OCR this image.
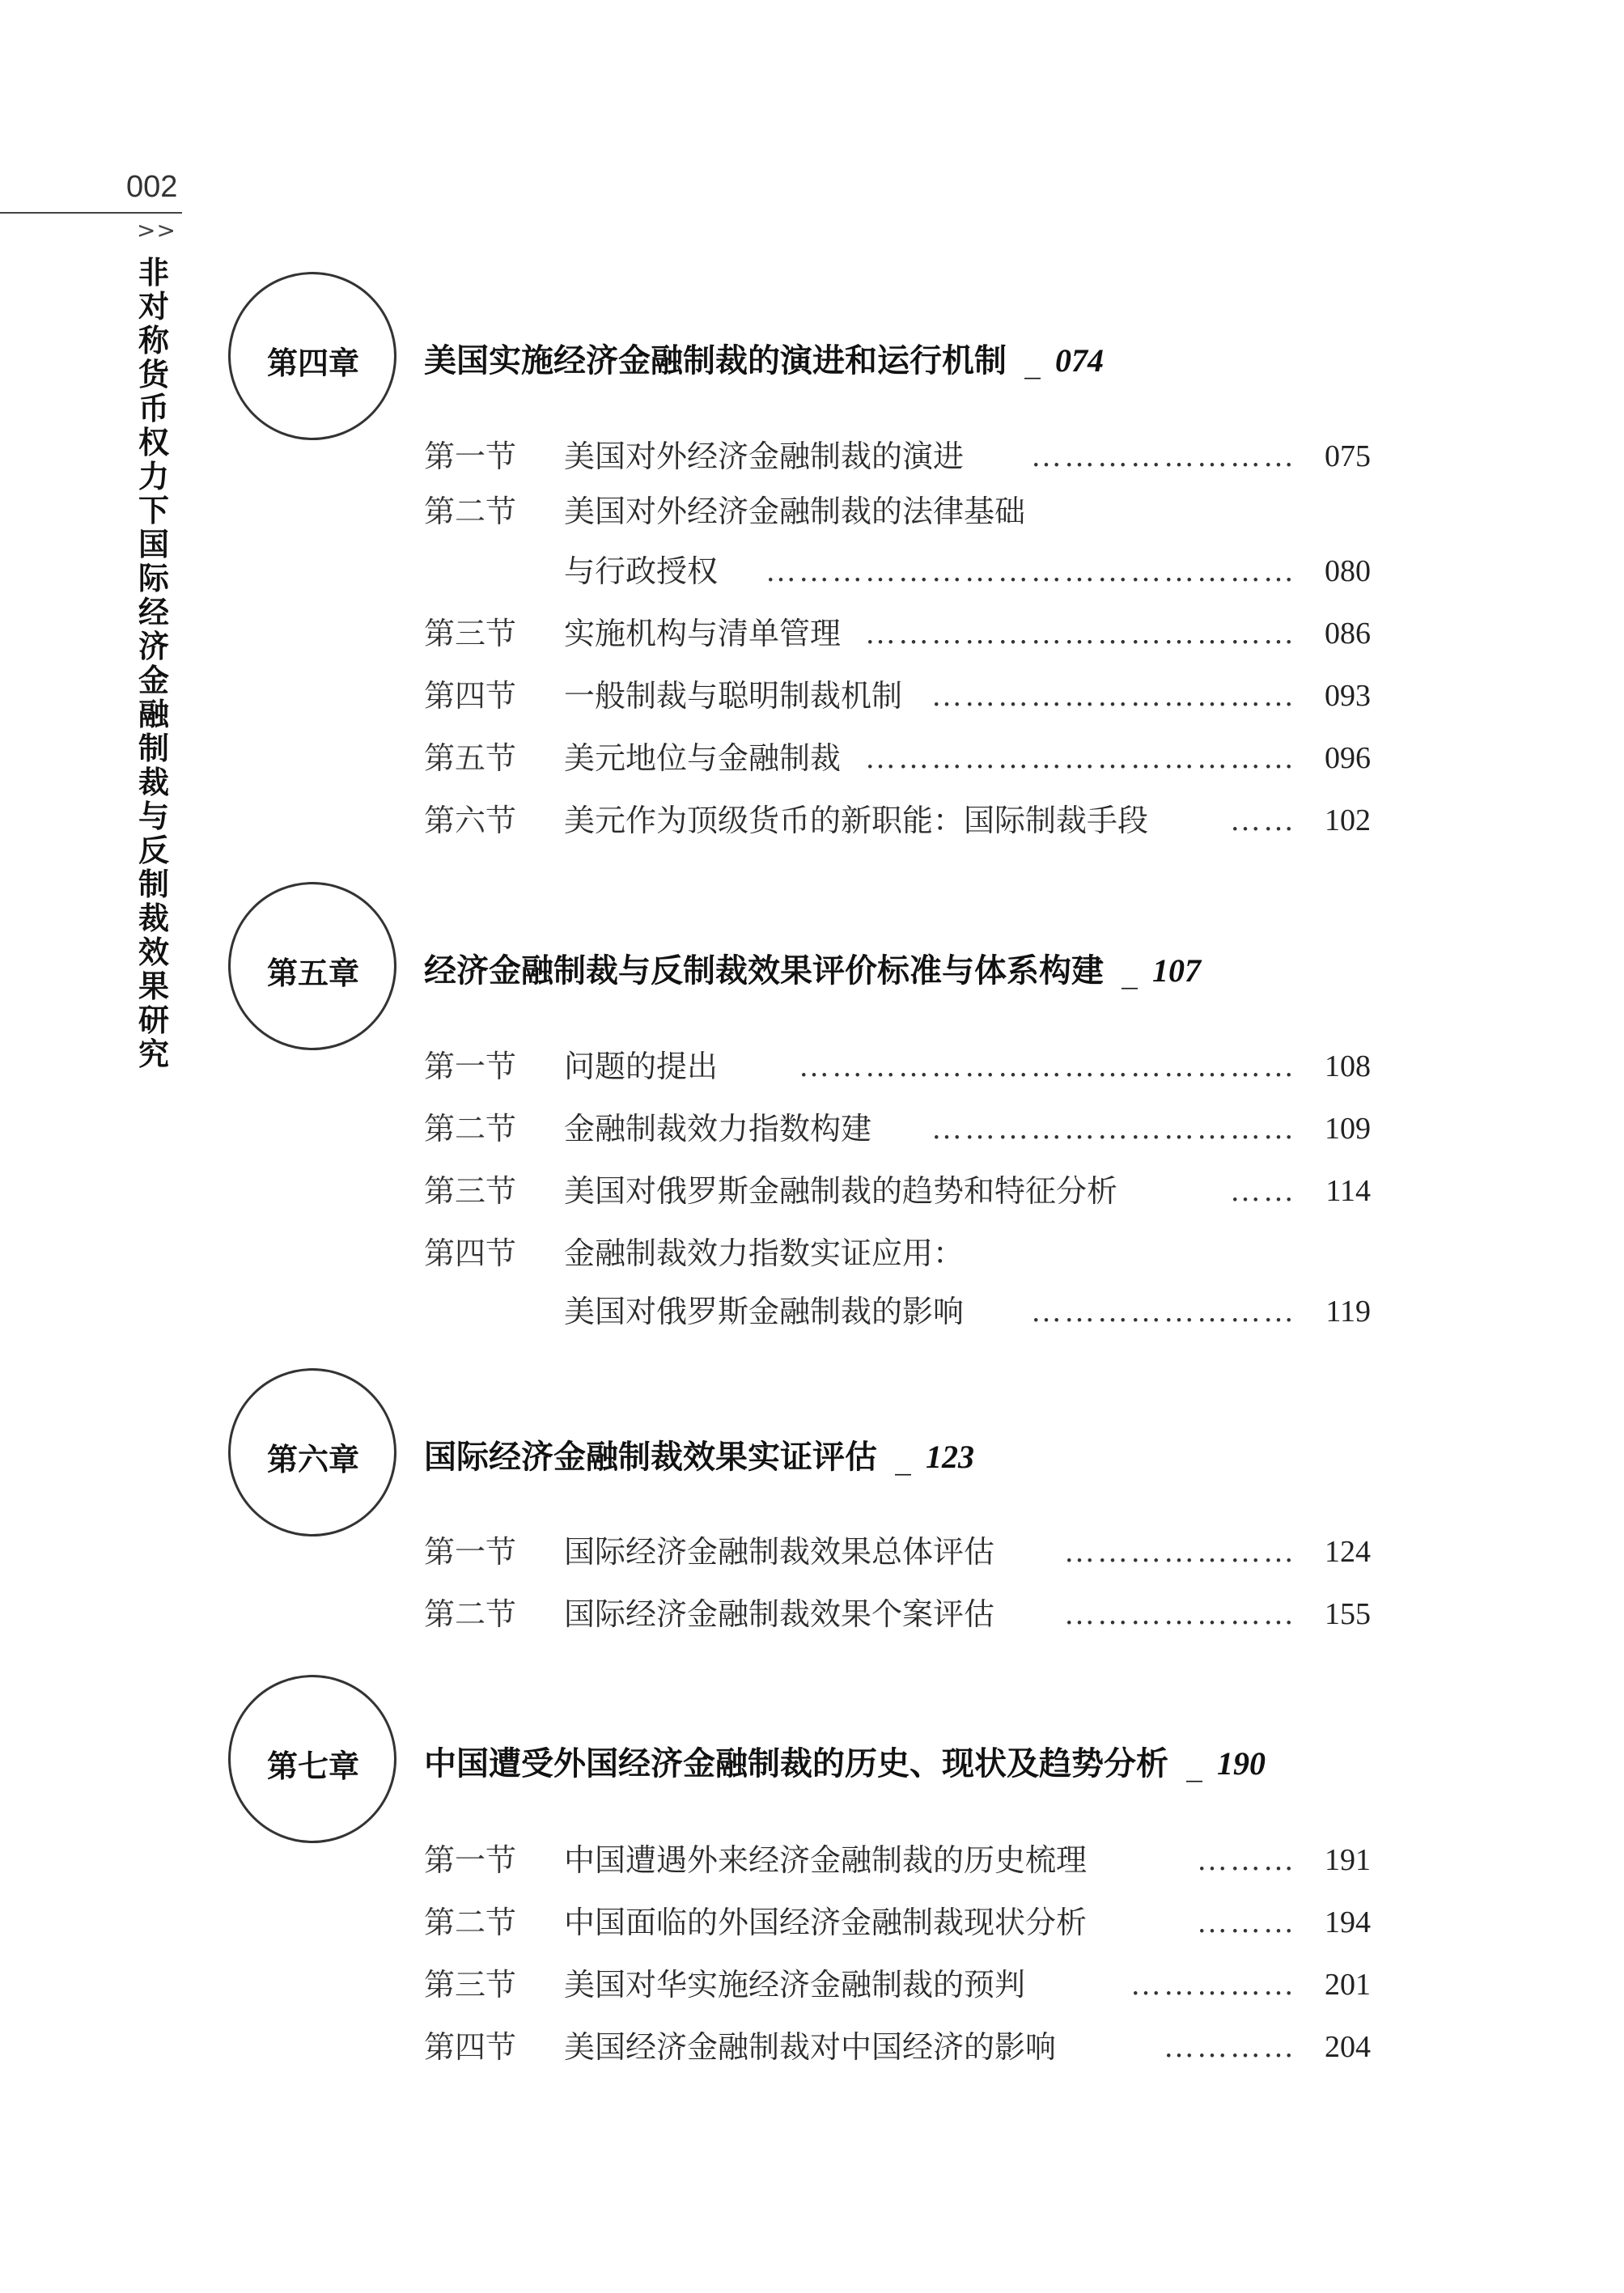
002
>>
非
对
称
货
币
权
力
下
国
际
经
济
金
融
制
裁
与
反
制
裁
效
果
研
究
第四章 美国实施经济金融制裁的演进和运行机制 _ 074
第一节 美国对外经济金融制裁的演进 …………………… 075
第二节 美国对外经济金融制裁的法律基础
与行政授权 ………………………………………… 080
第三节 实施机构与清单管理 ………………………………… 086
第四节 一般制裁与聪明制裁机制 …………………………… 093
第五节 美元地位与金融制裁 ………………………………… 096
第六节 美元作为顶级货币的新职能：国际制裁手段	…… 102
第五章 经济金融制裁与反制裁效果评价标准与体系构建 _ 107
第一节 问题的提出	……………………………………… 108
第二节 金融制裁效力指数构建 …………………………… 109
第三节 美国对俄罗斯金融制裁的趋势和特征分析	…… 114
第四节 金融制裁效力指数实证应用：
美国对俄罗斯金融制裁的影响 …………………… 119
第六章 国际经济金融制裁效果实证评估 _ 123
第一节 国际经济金融制裁效果总体评估 ………………… 124
第二节 国际经济金融制裁效果个案评估 ………………… 155
第七章 中国遭受外国经济金融制裁的历史、现状及趋势分析 _ 190
第一节 中国遭遇外来经济金融制裁的历史梳理	……… 191
第二节 中国面临的外国经济金融制裁现状分析	……… 194
第三节 美国对华实施经济金融制裁的预判	…………… 201
第四节 美国经济金融制裁对中国经济的影响	………… 204
